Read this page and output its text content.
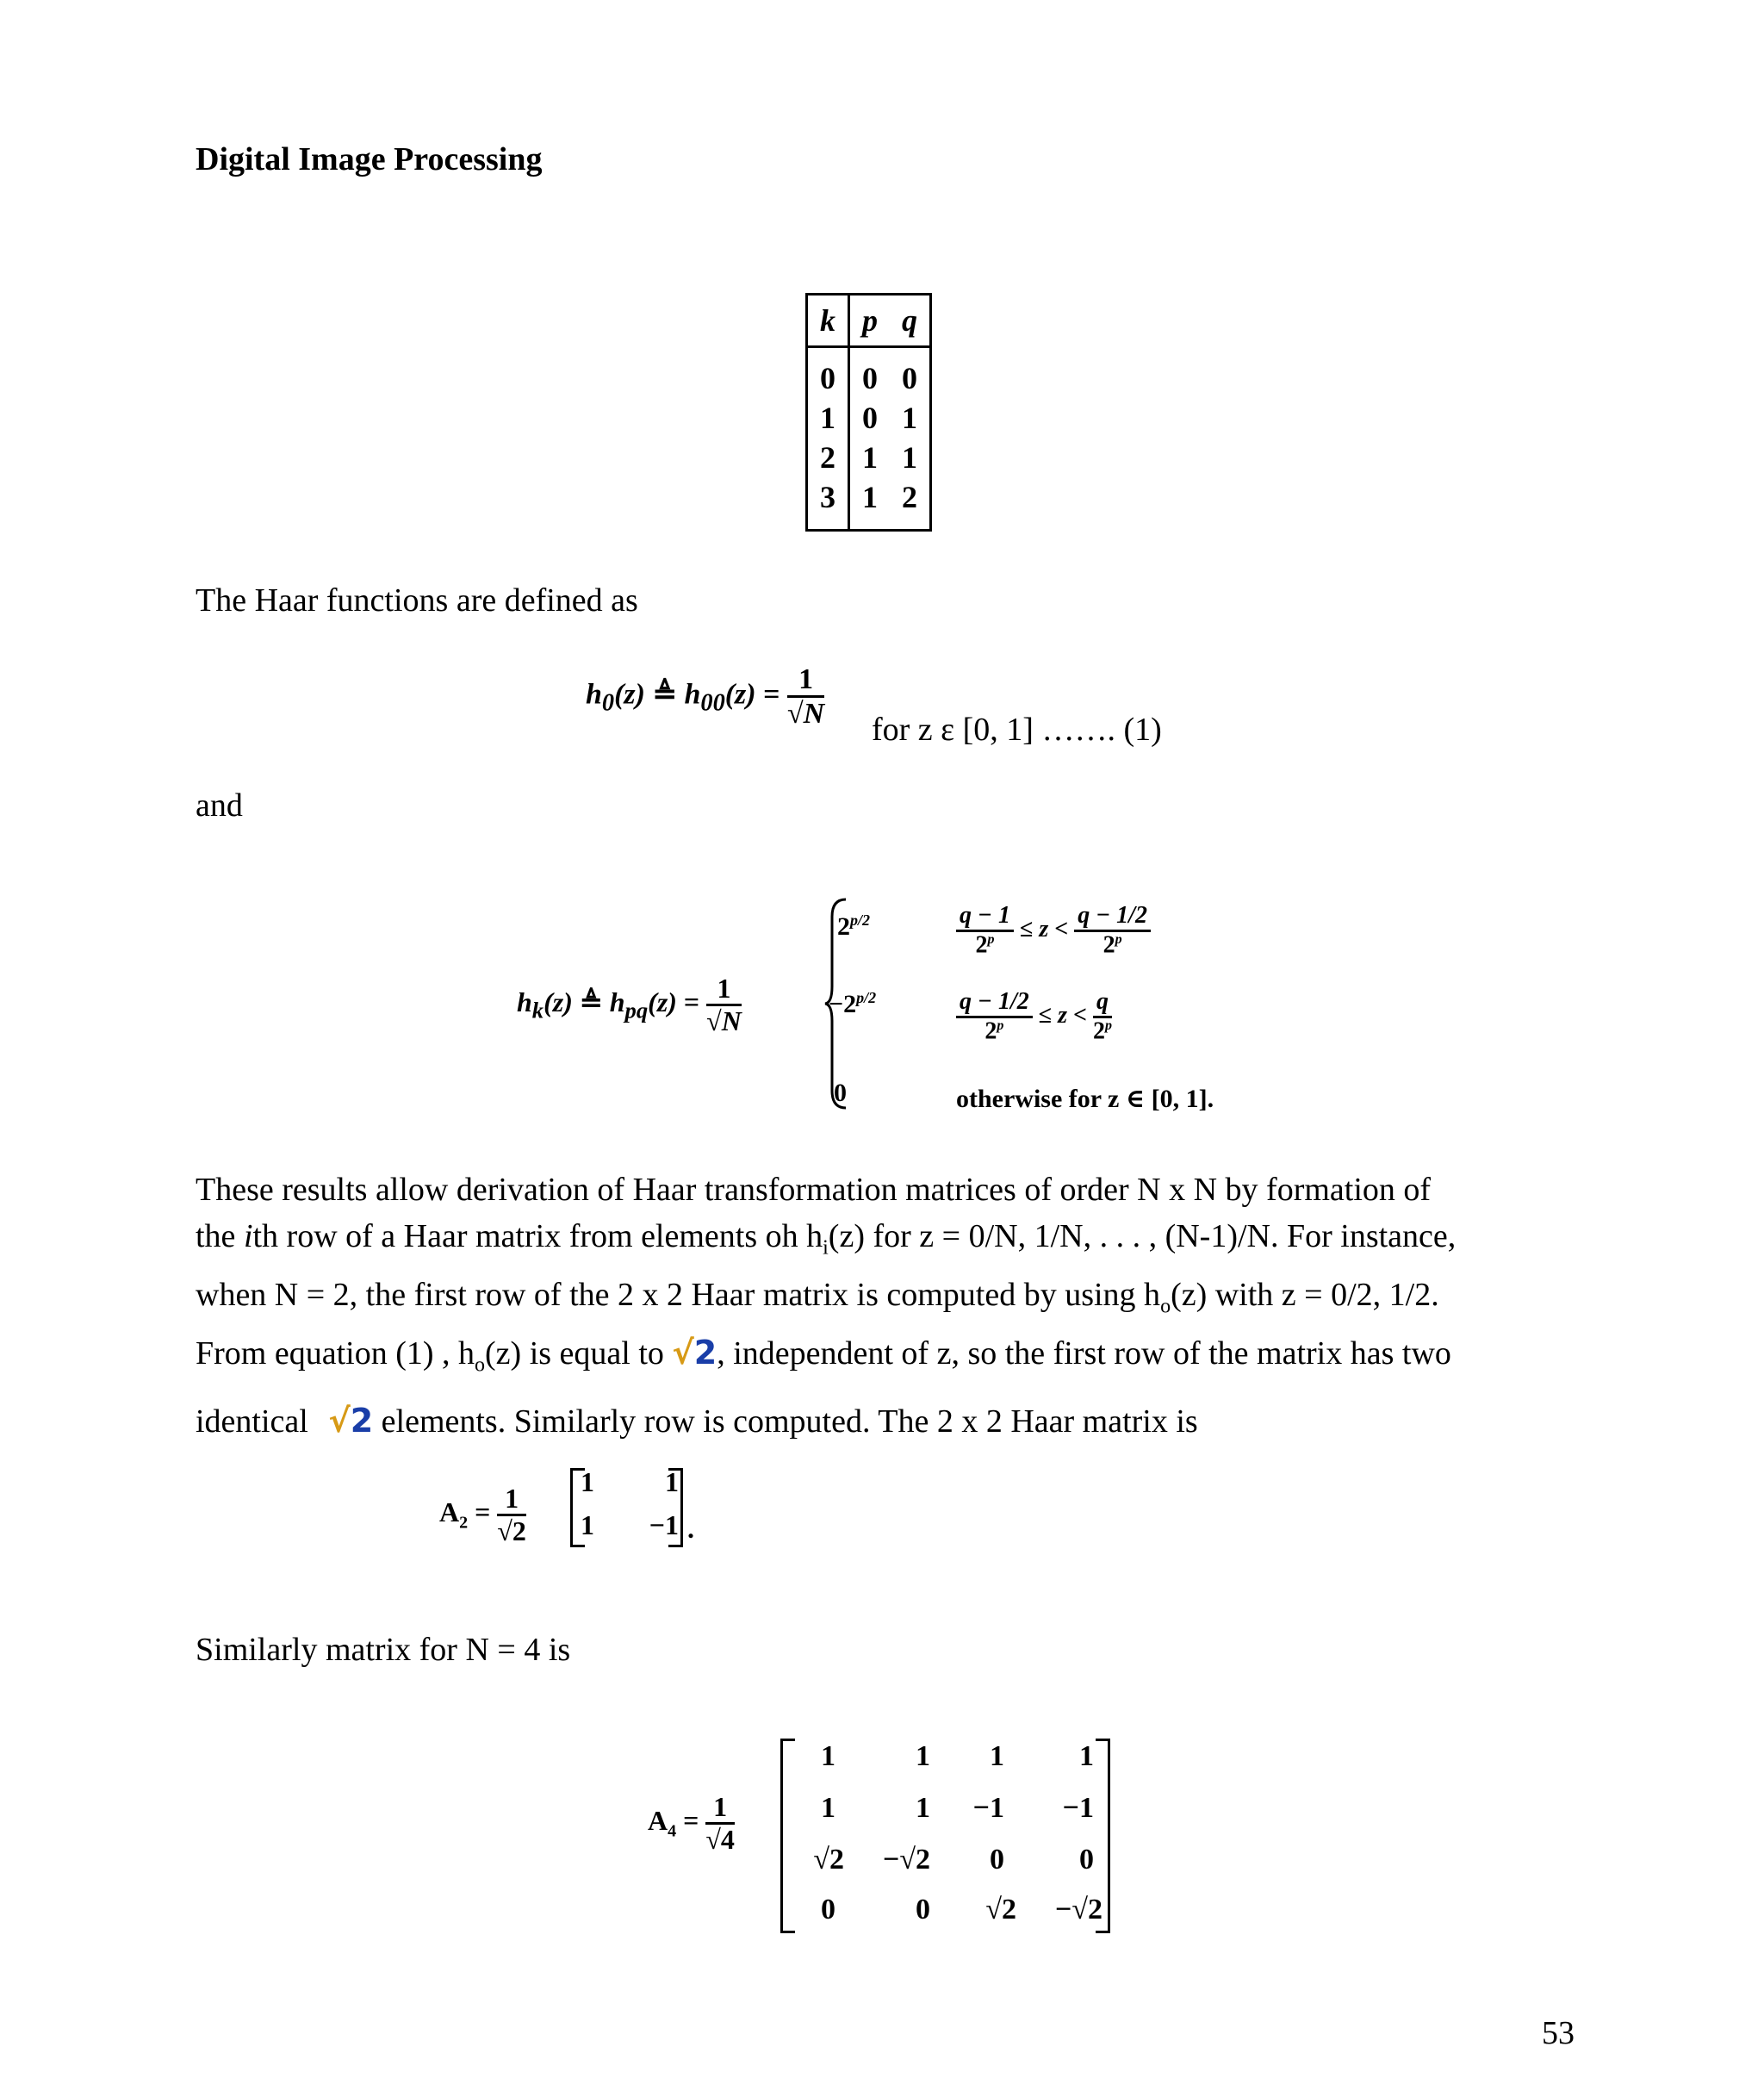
Digital Image Processing
k	p	q
0	0	0
1	0	1
2	1	1
3	1	2
The Haar functions are defined as
$h_0(z)$ ≜ $h_{00}(z) = \frac{1}{√N}$ for z ε [0, 1] ……. (1)
and
$h_k(z)$ ≜ $h_{pq}(z) = \frac{1}{√N}$
$2^{p/2}$	$\frac{q - 1}{2^p} \le z < \frac{q - 1/2}{2^p}$
$-2^{p/2}$	$\frac{q - 1/2}{2^p} \le z < \frac{q}{2^p}$
0	otherwise for z ∈ [0, 1].
These results allow derivation of Haar transformation matrices of order N x N by formation of
the ith row of a Haar matrix from elements oh $h_i(z)$ for z = 0/N, 1/N, . . . , (N-1)/N. For instance,
when N = 2, the first row of the 2 x 2 Haar matrix is computed by using $h_o(z)$ with z = 0/2, 1/2.
From equation (1) , $h_o(z)$ is equal to √2, independent of z, so the first row of the matrix has two
identical √2 elements. Similarly row is computed. The 2 x 2 Haar matrix is
$A_2 = \frac{1}{√2}$
1	1
1	−1 .
Similarly matrix for N = 4 is
$A_4 = \frac{1}{√4}$
1	1	1	1
1	1	−1	−1
√2	−√2	0	0
0	0	√2	−√2
53
